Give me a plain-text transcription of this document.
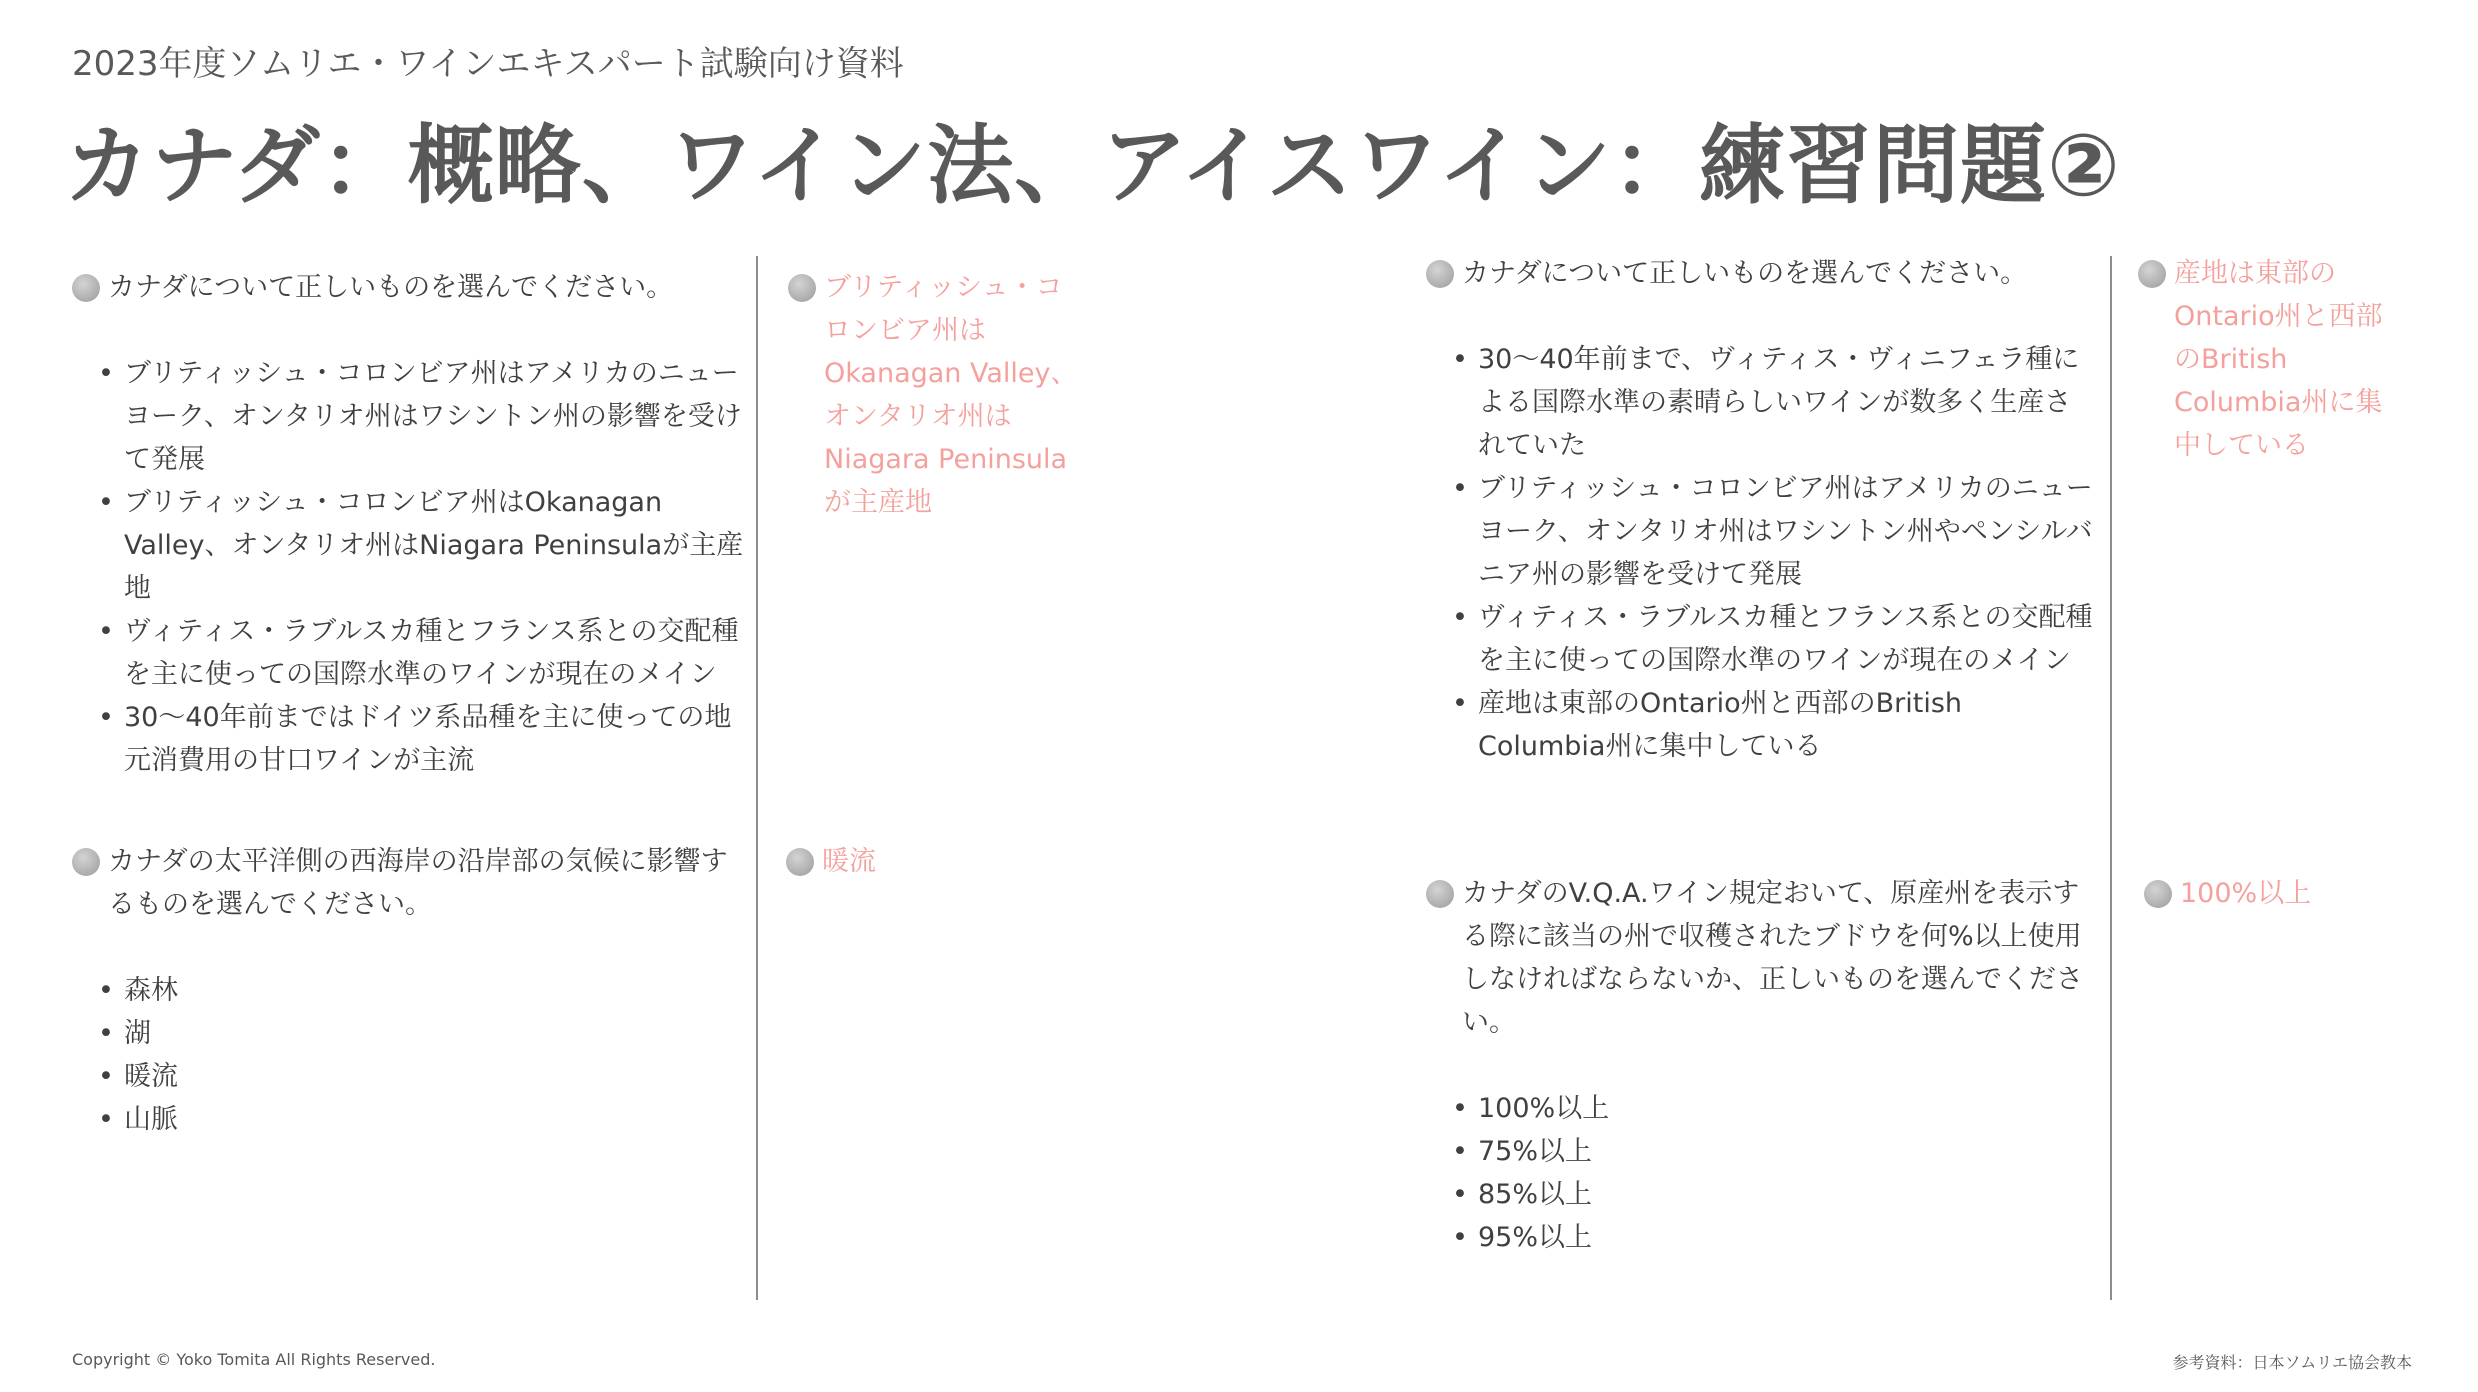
2023年度ソムリエ・ワインエキスパート試験向け資料
カナダ：概略、ワイン法、アイスワイン：練習問題②
カナダについて正しいものを選んでください。
• ブリティッシュ・コロンビア州はアメリカのニューヨーク、オンタリオ州はワシントン州の影響を受けて発展
• ブリティッシュ・コロンビア州はOkanagan Valley、オンタリオ州はNiagara Peninsulaが主産地
• ヴィティス・ラブルスカ種とフランス系との交配種を主に使っての国際水準のワインが現在のメイン
• 30〜40年前まではドイツ系品種を主に使っての地元消費用の甘口ワインが主流
ブリティッシュ・コロンビア州はOkanagan Valley、オンタリオ州はNiagara Peninsulaが主産地
カナダの太平洋側の西海岸の沿岸部の気候に影響するものを選んでください。
• 森林
• 湖
• 暖流
• 山脈
暖流
カナダについて正しいものを選んでください。
• 30〜40年前まで、ヴィティス・ヴィニフェラ種による国際水準の素晴らしいワインが数多く生産されていた
• ブリティッシュ・コロンビア州はアメリカのニューヨーク、オンタリオ州はワシントン州やペンシルバニア州の影響を受けて発展
• ヴィティス・ラブルスカ種とフランス系との交配種を主に使っての国際水準のワインが現在のメイン
• 産地は東部のOntario州と西部のBritish Columbia州に集中している
産地は東部のOntario州と西部のBritish Columbia州に集中している
カナダのV.Q.A.ワイン規定おいて、原産州を表示する際に該当の州で収穫されたブドウを何%以上使用しなければならないか、正しいものを選んでください。
• 100%以上
• 75%以上
• 85%以上
• 95%以上
100%以上
Copyright © Yoko Tomita All Rights Reserved.	参考資料：日本ソムリエ協会教本
